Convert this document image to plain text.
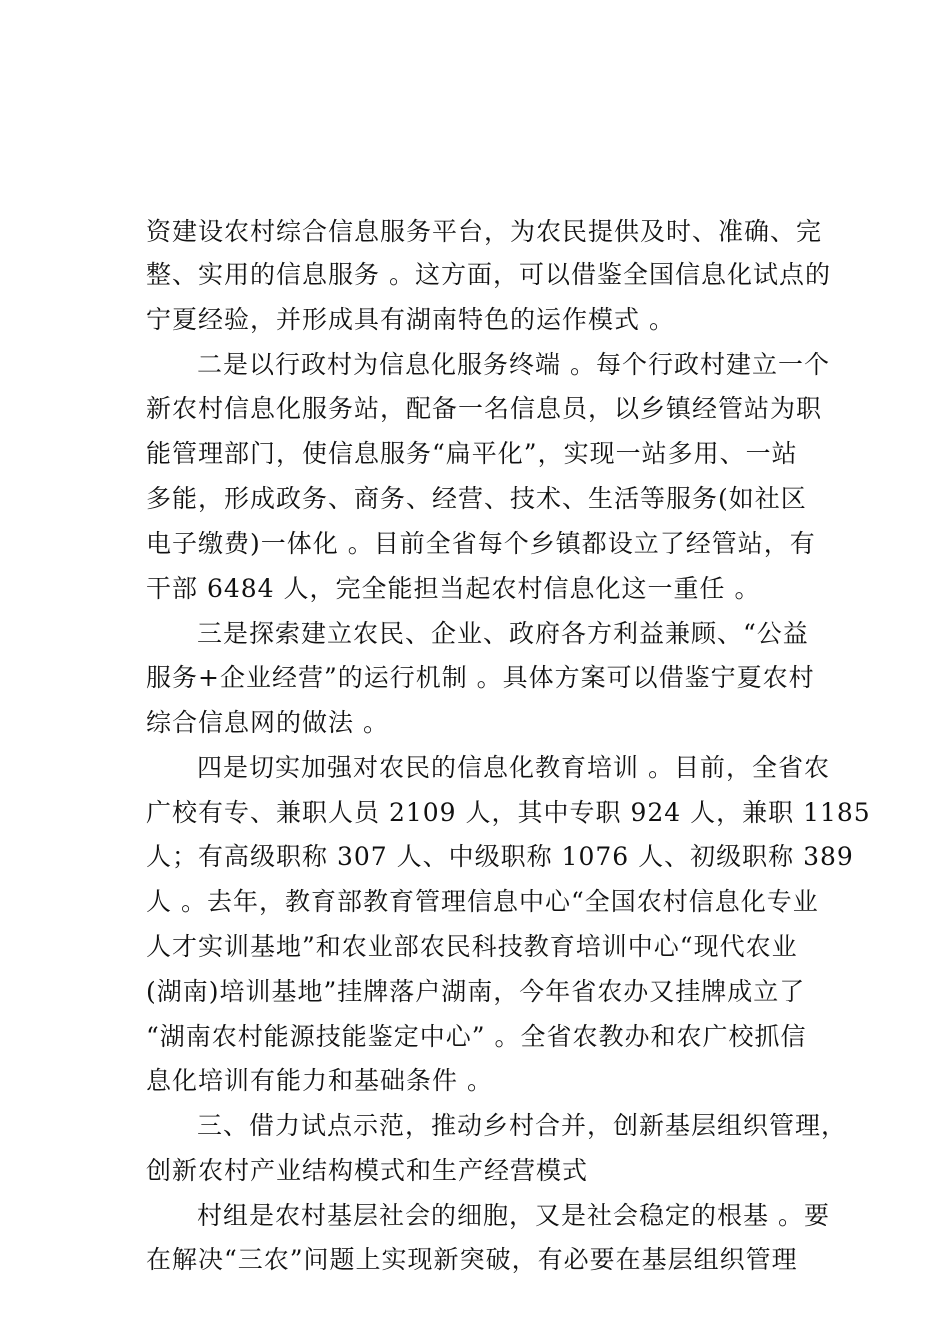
资建设农村综合信息服务平台，为农民提供及时、准确、完
整、实用的信息服务 。这方面，可以借鉴全国信息化试点的
宁夏经验，并形成具有湖南特色的运作模式 。
二是以行政村为信息化服务终端 。每个行政村建立一个
新农村信息化服务站，配备一名信息员，以乡镇经管站为职
能管理部门，使信息服务“扁平化”，实现一站多用、一站
多能，形成政务、商务、经营、技术、生活等服务(如社区
电子缴费)一体化 。目前全省每个乡镇都设立了经管站，有
干部 6484 人，完全能担当起农村信息化这一重任 。
三是探索建立农民、企业、政府各方利益兼顾、“公益
服务+企业经营”的运行机制 。具体方案可以借鉴宁夏农村
综合信息网的做法 。
四是切实加强对农民的信息化教育培训 。目前，全省农
广校有专、兼职人员 2109 人，其中专职 924 人，兼职 1185
人；有高级职称 307 人、中级职称 1076 人、初级职称 389
人 。去年，教育部教育管理信息中心“全国农村信息化专业
人才实训基地”和农业部农民科技教育培训中心“现代农业
(湖南)培训基地”挂牌落户湖南，今年省农办又挂牌成立了
“湖南农村能源技能鉴定中心” 。全省农教办和农广校抓信
息化培训有能力和基础条件 。
三、借力试点示范，推动乡村合并，创新基层组织管理，
创新农村产业结构模式和生产经营模式
村组是农村基层社会的细胞，又是社会稳定的根基 。要
在解决“三农”问题上实现新突破，有必要在基层组织管理
